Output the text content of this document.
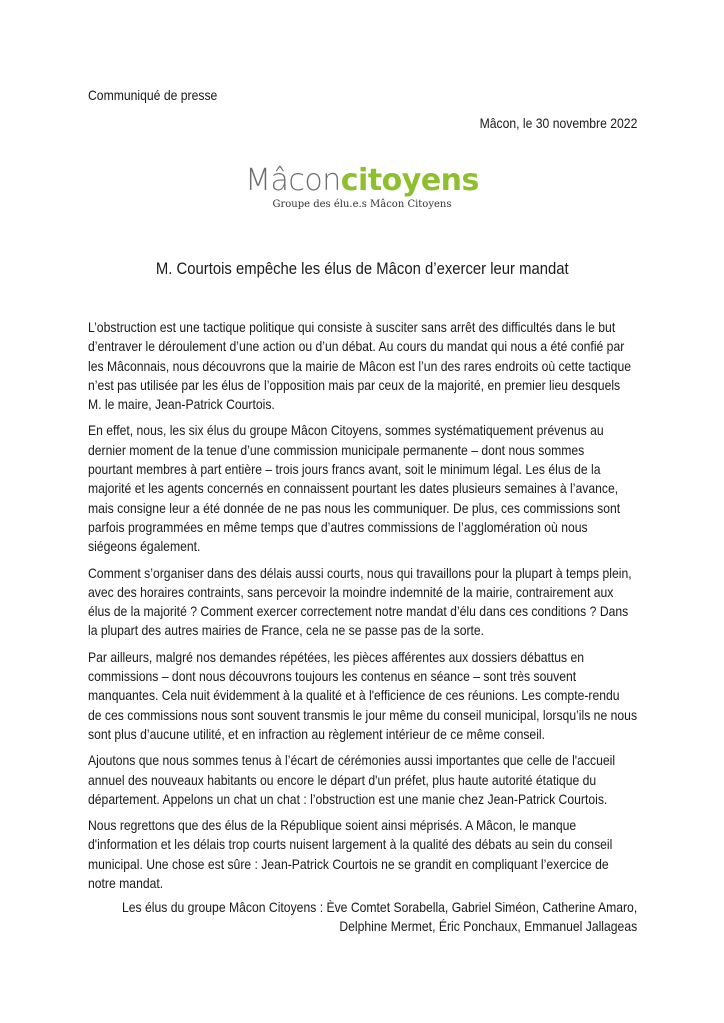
Communiqué de presse
Mâcon, le 30 novembre 2022
Mâconcitoyens
Groupe des élu.e.s Mâcon Citoyens
M. Courtois empêche les élus de Mâcon d’exercer leur mandat
L’obstruction est une tactique politique qui consiste à susciter sans arrêt des difficultés dans le but
d’entraver le déroulement d’une action ou d’un débat. Au cours du mandat qui nous a été confié par
les Mâconnais, nous découvrons que la mairie de Mâcon est l’un des rares endroits où cette tactique
n’est pas utilisée par les élus de l’opposition mais par ceux de la majorité, en premier lieu desquels
M. le maire, Jean-Patrick Courtois.
En effet, nous, les six élus du groupe Mâcon Citoyens, sommes systématiquement prévenus au
dernier moment de la tenue d’une commission municipale permanente – dont nous sommes
pourtant membres à part entière – trois jours francs avant, soit le minimum légal. Les élus de la
majorité et les agents concernés en connaissent pourtant les dates plusieurs semaines à l’avance,
mais consigne leur a été donnée de ne pas nous les communiquer. De plus, ces commissions sont
parfois programmées en même temps que d’autres commissions de l’agglomération où nous
siégeons également.
Comment s’organiser dans des délais aussi courts, nous qui travaillons pour la plupart à temps plein,
avec des horaires contraints, sans percevoir la moindre indemnité de la mairie, contrairement aux
élus de la majorité ? Comment exercer correctement notre mandat d’élu dans ces conditions ? Dans
la plupart des autres mairies de France, cela ne se passe pas de la sorte.
Par ailleurs, malgré nos demandes répétées, les pièces afférentes aux dossiers débattus en
commissions – dont nous découvrons toujours les contenus en séance – sont très souvent
manquantes. Cela nuit évidemment à la qualité et à l'efficience de ces réunions. Les compte-rendu
de ces commissions nous sont souvent transmis le jour même du conseil municipal, lorsqu’ils ne nous
sont plus d’aucune utilité, et en infraction au règlement intérieur de ce même conseil.
Ajoutons que nous sommes tenus à l’écart de cérémonies aussi importantes que celle de l'accueil
annuel des nouveaux habitants ou encore le départ d'un préfet, plus haute autorité étatique du
département. Appelons un chat un chat : l’obstruction est une manie chez Jean-Patrick Courtois.
Nous regrettons que des élus de la République soient ainsi méprisés. A Mâcon, le manque
d'information et les délais trop courts nuisent largement à la qualité des débats au sein du conseil
municipal. Une chose est sûre : Jean-Patrick Courtois ne se grandit en compliquant l’exercice de
notre mandat.
Les élus du groupe Mâcon Citoyens : Ève Comtet Sorabella, Gabriel Siméon, Catherine Amaro,
Delphine Mermet, Éric Ponchaux, Emmanuel Jallageas
